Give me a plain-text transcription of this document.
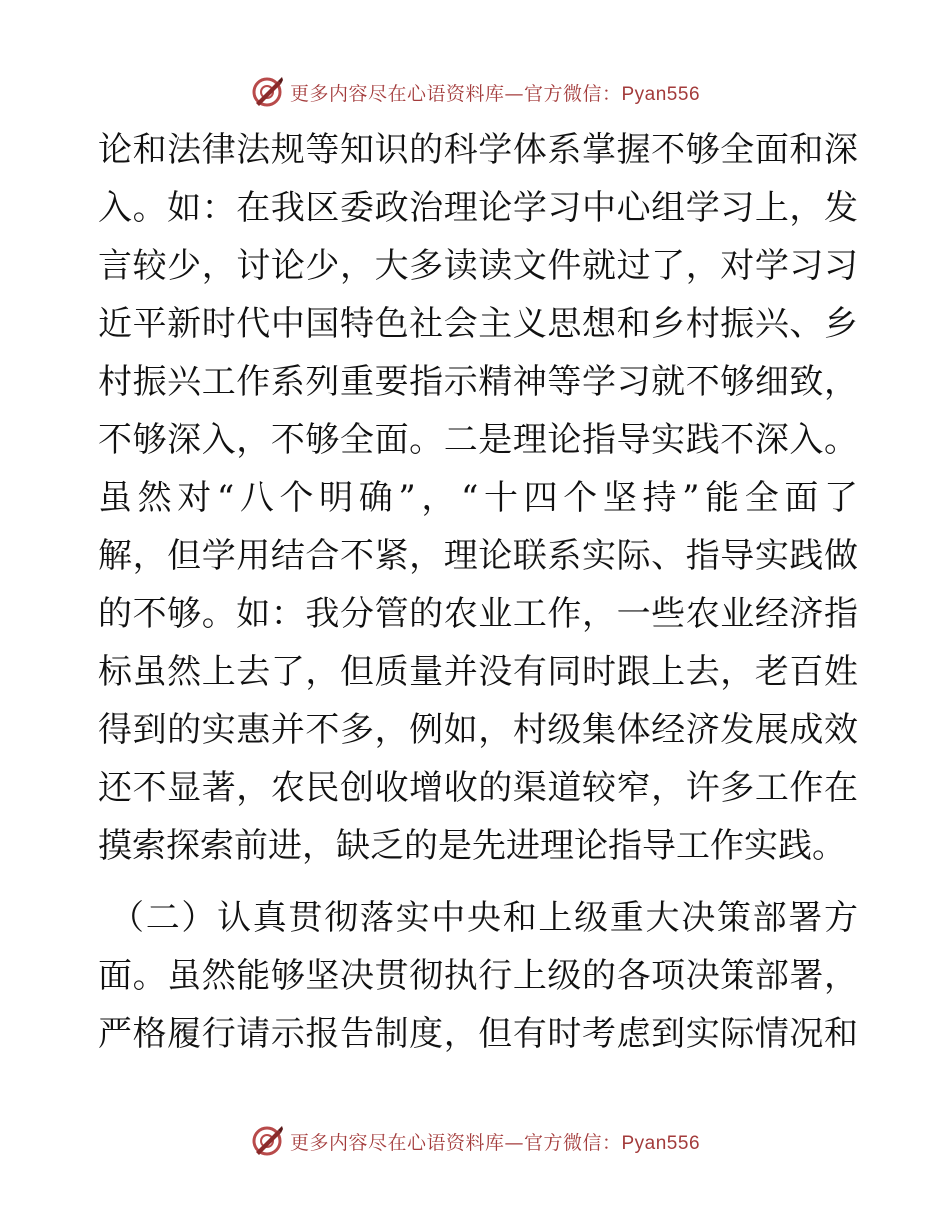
更多内容尽在心语资料库—官方微信：Pyan556
论和法律法规等知识的科学体系掌握不够全面和深
入。如：在我区委政治理论学习中心组学习上，发
言较少，讨论少，大多读读文件就过了，对学习习
近平新时代中国特色社会主义思想和乡村振兴、乡
村振兴工作系列重要指示精神等学习就不够细致，
不够深入，不够全面。二是理论指导实践不深入。
虽然对“八个明确”，“十四个坚持”能全面了
解，但学用结合不紧，理论联系实际、指导实践做
的不够。如：我分管的农业工作，一些农业经济指
标虽然上去了，但质量并没有同时跟上去，老百姓
得到的实惠并不多，例如，村级集体经济发展成效
还不显著，农民创收增收的渠道较窄，许多工作在
摸索探索前进，缺乏的是先进理论指导工作实践。
（二）认真贯彻落实中央和上级重大决策部署方
面。虽然能够坚决贯彻执行上级的各项决策部署，
严格履行请示报告制度，但有时考虑到实际情况和
更多内容尽在心语资料库—官方微信：Pyan556
